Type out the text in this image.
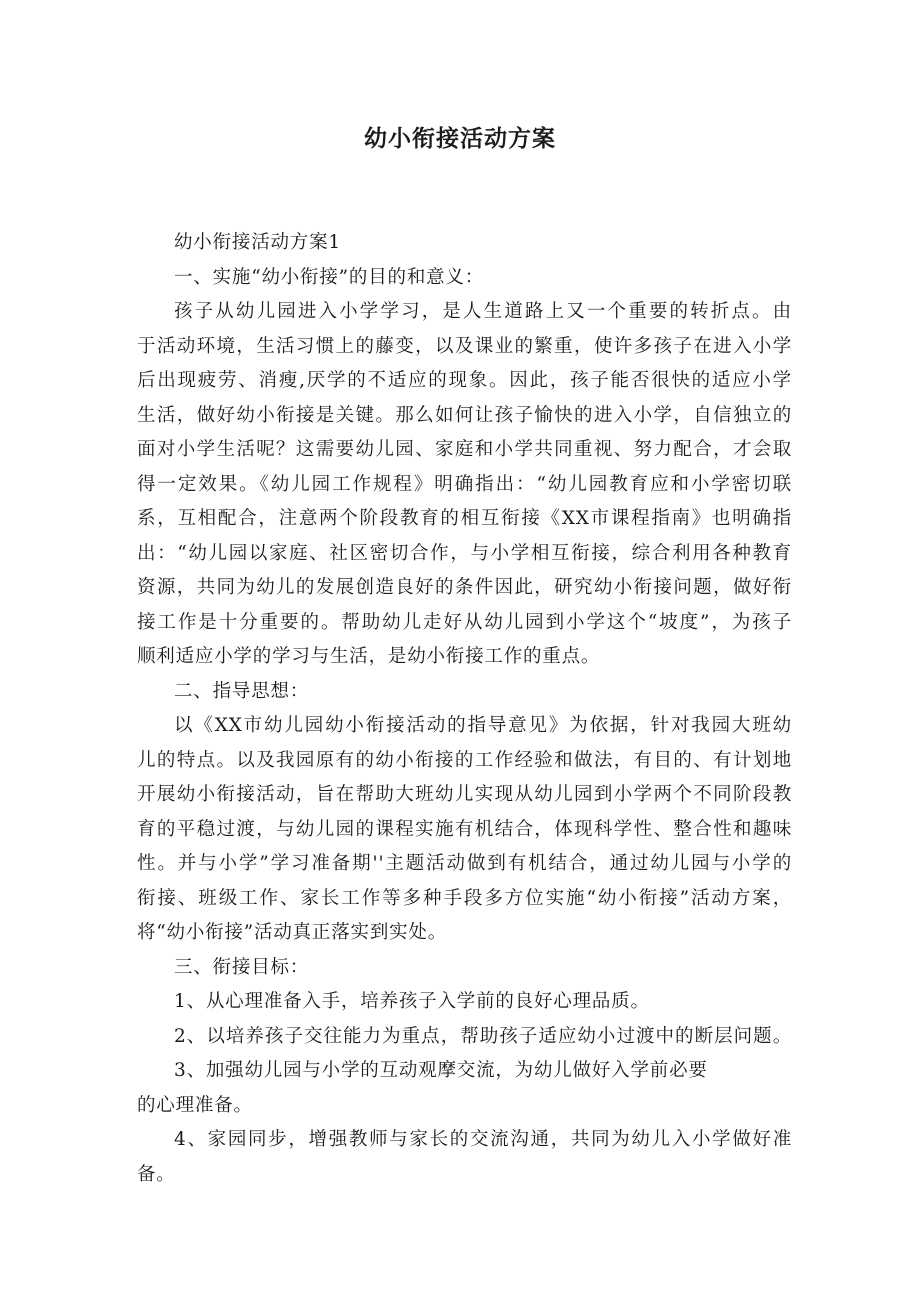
幼小衔接活动方案
幼小衔接活动方案1
一、实施“幼小衔接”的目的和意义：
孩子从幼儿园进入小学学习，是人生道路上又一个重要的转折点。由
于活动环境，生活习惯上的藤变，以及课业的繁重，使许多孩子在进入小学
后出现疲劳、消瘦,厌学的不适应的现象。因此，孩子能否很快的适应小学
生活，做好幼小衔接是关键。那么如何让孩子愉快的进入小学，自信独立的
面对小学生活呢？这需要幼儿园、家庭和小学共同重视、努力配合，才会取
得一定效果。《幼儿园工作规程》明确指出：“幼儿园教育应和小学密切联
系，互相配合，注意两个阶段教育的相互衔接《XX市课程指南》也明确指
出：“幼儿园以家庭、社区密切合作，与小学相互衔接，综合利用各种教育
资源，共同为幼儿的发展创造良好的条件因此，研究幼小衔接问题，做好衔
接工作是十分重要的。帮助幼儿走好从幼儿园到小学这个“坡度”，为孩子
顺利适应小学的学习与生活，是幼小衔接工作的重点。
二、指导思想：
以《XX市幼儿园幼小衔接活动的指导意见》为依据，针对我园大班幼
儿的特点。以及我园原有的幼小衔接的工作经验和做法，有目的、有计划地
开展幼小衔接活动，旨在帮助大班幼儿实现从幼儿园到小学两个不同阶段教
育的平稳过渡，与幼儿园的课程实施有机结合，体现科学性、整合性和趣味
性。并与小学”学习准备期''主题活动做到有机结合，通过幼儿园与小学的
衔接、班级工作、家长工作等多种手段多方位实施“幼小衔接”活动方案，
将“幼小衔接”活动真正落实到实处。
三、衔接目标：
1、从心理准备入手，培养孩子入学前的良好心理品质。
2、以培养孩子交往能力为重点，帮助孩子适应幼小过渡中的断层问题。
3、加强幼儿园与小学的互动观摩交流，为幼儿做好入学前必要
的心理准备。
4、家园同步，增强教师与家长的交流沟通，共同为幼儿入小学做好准
备。
